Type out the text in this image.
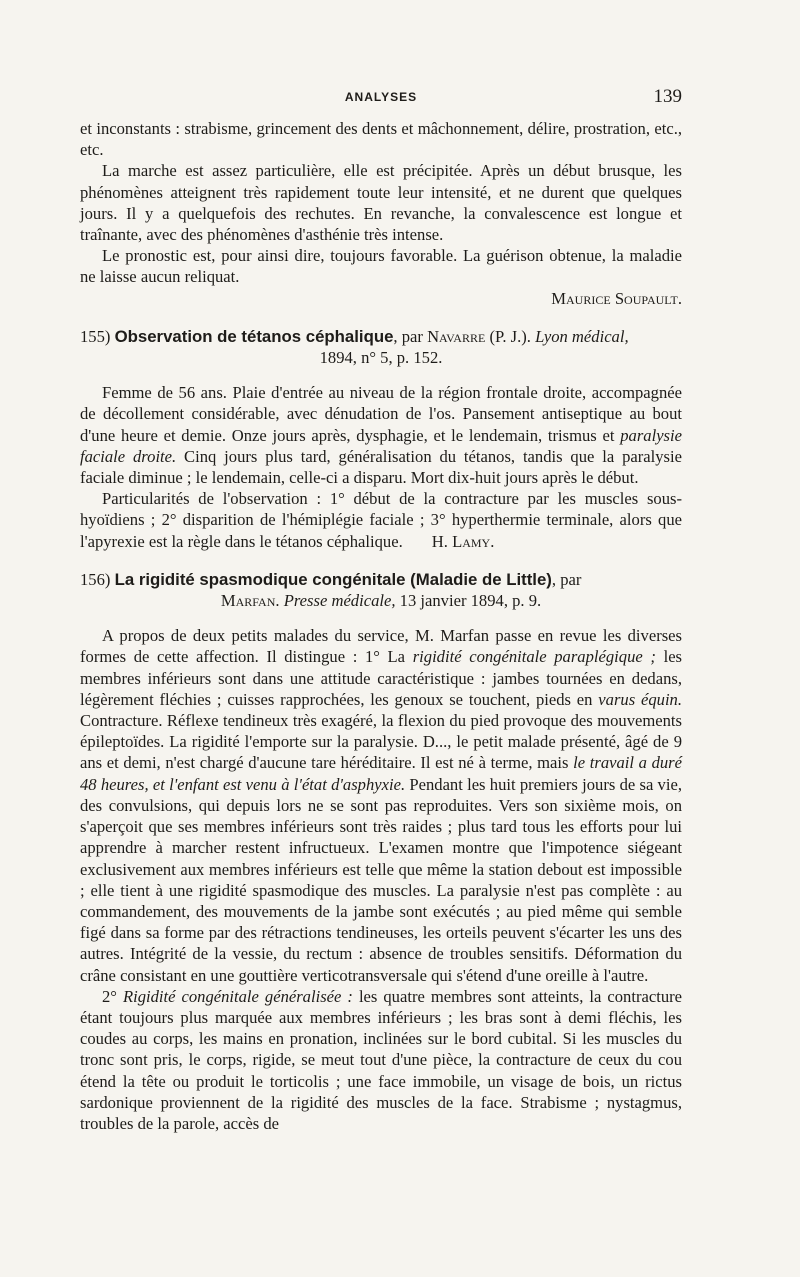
ANALYSES	139

et inconstants : strabisme, grincement des dents et mâchonnement, délire, prostration, etc., etc.

La marche est assez particulière, elle est précipitée. Après un début brusque, les phénomènes atteignent très rapidement toute leur intensité, et ne durent que quelques jours. Il y a quelquefois des rechutes. En revanche, la convalescence est longue et traînante, avec des phénomènes d'asthénie très intense.

Le pronostic est, pour ainsi dire, toujours favorable. La guérison obtenue, la maladie ne laisse aucun reliquat.

Maurice Soupault.

155) Observation de tétanos céphalique, par Navarre (P. J.). Lyon médical,
1894, n° 5, p. 152.

Femme de 56 ans. Plaie d'entrée au niveau de la région frontale droite, accompagnée de décollement considérable, avec dénudation de l'os. Pansement antiseptique au bout d'une heure et demie. Onze jours après, dysphagie, et le lendemain, trismus et paralysie faciale droite. Cinq jours plus tard, généralisation du tétanos, tandis que la paralysie faciale diminue ; le lendemain, celle-ci a disparu. Mort dix-huit jours après le début.

Particularités de l'observation : 1° début de la contracture par les muscles sous-hyoïdiens ; 2° disparition de l'hémiplégie faciale ; 3° hyperthermie terminale, alors que l'apyrexie est la règle dans le tétanos céphalique. H. Lamy.

156) La rigidité spasmodique congénitale (Maladie de Little), par
Marfan. Presse médicale, 13 janvier 1894, p. 9.

A propos de deux petits malades du service, M. Marfan passe en revue les diverses formes de cette affection. Il distingue : 1° La rigidité congénitale paraplégique ; les membres inférieurs sont dans une attitude caractéristique : jambes tournées en dedans, légèrement fléchies ; cuisses rapprochées, les genoux se touchent, pieds en varus équin. Contracture. Réflexe tendineux très exagéré, la flexion du pied provoque des mouvements épileptoïdes. La rigidité l'emporte sur la paralysie. D..., le petit malade présenté, âgé de 9 ans et demi, n'est chargé d'aucune tare héréditaire. Il est né à terme, mais le travail a duré 48 heures, et l'enfant est venu à l'état d'asphyxie. Pendant les huit premiers jours de sa vie, des convulsions, qui depuis lors ne se sont pas reproduites. Vers son sixième mois, on s'aperçoit que ses membres inférieurs sont très raides ; plus tard tous les efforts pour lui apprendre à marcher restent infructueux. L'examen montre que l'impotence siégeant exclusivement aux membres inférieurs est telle que même la station debout est impossible ; elle tient à une rigidité spasmodique des muscles. La paralysie n'est pas complète : au commandement, des mouvements de la jambe sont exécutés ; au pied même qui semble figé dans sa forme par des rétractions tendineuses, les orteils peuvent s'écarter les uns des autres. Intégrité de la vessie, du rectum : absence de troubles sensitifs. Déformation du crâne consistant en une gouttière verticotransversale qui s'étend d'une oreille à l'autre.

2° Rigidité congénitale généralisée : les quatre membres sont atteints, la contracture étant toujours plus marquée aux membres inférieurs ; les bras sont à demi fléchis, les coudes au corps, les mains en pronation, inclinées sur le bord cubital. Si les muscles du tronc sont pris, le corps, rigide, se meut tout d'une pièce, la contracture de ceux du cou étend la tête ou produit le torticolis ; une face immobile, un visage de bois, un rictus sardonique proviennent de la rigidité des muscles de la face. Strabisme ; nystagmus, troubles de la parole, accès de
